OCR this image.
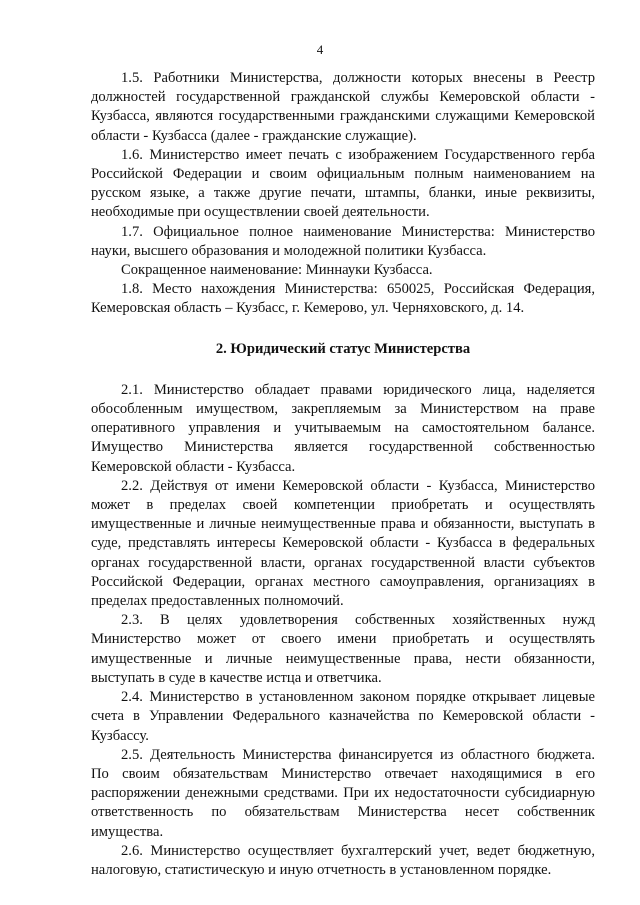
4

1.5. Работники Министерства, должности которых внесены в Реестр должностей государственной гражданской службы Кемеровской области - Кузбасса, являются государственными гражданскими служащими Кемеровской области - Кузбасса (далее - гражданские служащие).

1.6. Министерство имеет печать с изображением Государственного герба Российской Федерации и своим официальным полным наименованием на русском языке, а также другие печати, штампы, бланки, иные реквизиты, необходимые при осуществлении своей деятельности.

1.7. Официальное полное наименование Министерства: Министерство науки, высшего образования и молодежной политики Кузбасса.

Сокращенное наименование: Миннауки Кузбасса.

1.8. Место нахождения Министерства: 650025, Российская Федерация, Кемеровская область – Кузбасс, г. Кемерово, ул. Черняховского, д. 14.

2. Юридический статус Министерства

2.1. Министерство обладает правами юридического лица, наделяется обособленным имуществом, закрепляемым за Министерством на праве оперативного управления и учитываемым на самостоятельном балансе. Имущество Министерства является государственной собственностью Кемеровской области - Кузбасса.

2.2. Действуя от имени Кемеровской области - Кузбасса, Министерство может в пределах своей компетенции приобретать и осуществлять имущественные и личные неимущественные права и обязанности, выступать в суде, представлять интересы Кемеровской области - Кузбасса в федеральных органах государственной власти, органах государственной власти субъектов Российской Федерации, органах местного самоуправления, организациях в пределах предоставленных полномочий.

2.3. В целях удовлетворения собственных хозяйственных нужд Министерство может от своего имени приобретать и осуществлять имущественные и личные неимущественные права, нести обязанности, выступать в суде в качестве истца и ответчика.

2.4. Министерство в установленном законом порядке открывает лицевые счета в Управлении Федерального казначейства по Кемеровской области - Кузбассу.

2.5. Деятельность Министерства финансируется из областного бюджета. По своим обязательствам Министерство отвечает находящимися в его распоряжении денежными средствами. При их недостаточности субсидиарную ответственность по обязательствам Министерства несет собственник имущества.

2.6. Министерство осуществляет бухгалтерский учет, ведет бюджетную, налоговую, статистическую и иную отчетность в установленном порядке.
